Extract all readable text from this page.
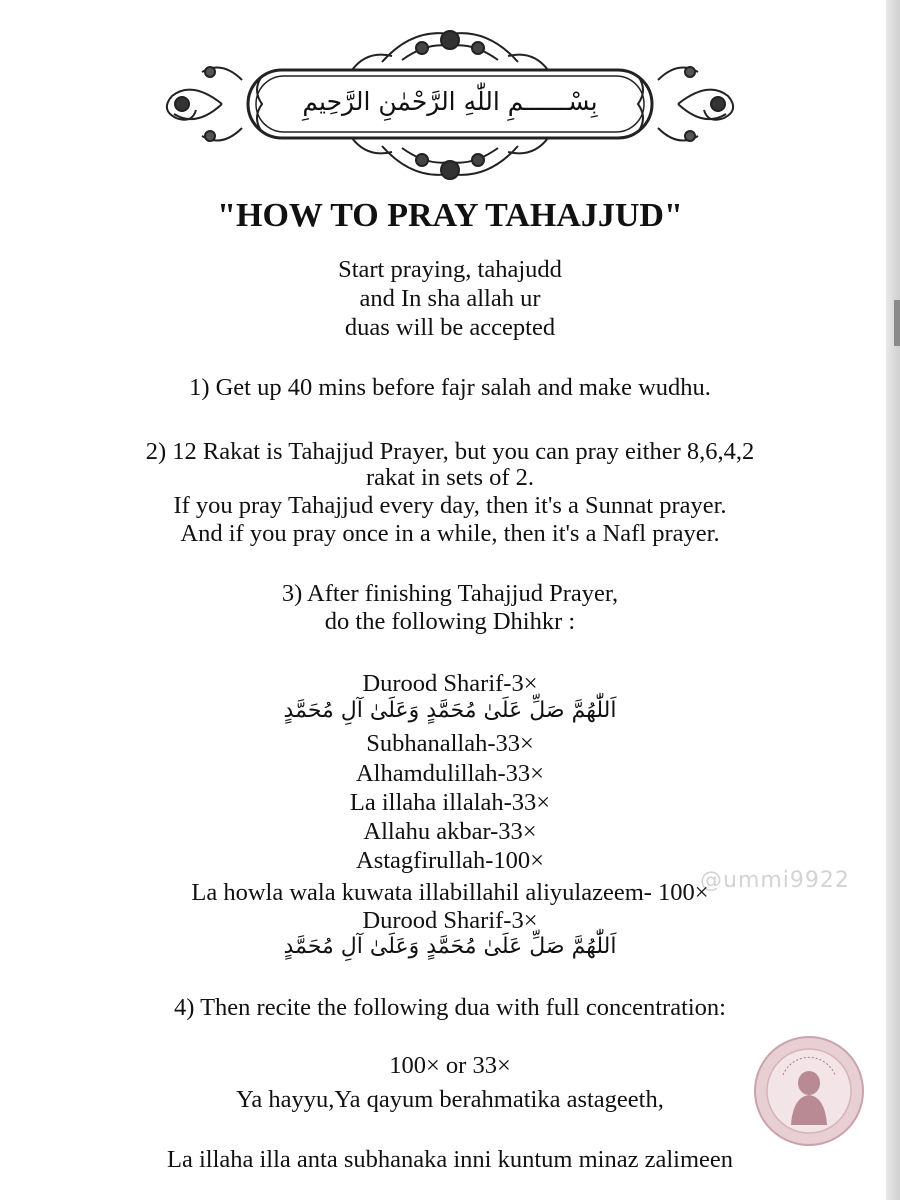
بِسْــــــمِ اللّٰهِ الرَّحْمٰنِ الرَّحِيمِ
"HOW TO PRAY TAHAJJUD"
Start praying, tahajudd
and In sha allah ur
duas will be accepted
1) Get up 40 mins before fajr salah and make wudhu.
2) 12 Rakat is Tahajjud Prayer, but you can pray either 8,6,4,2
rakat in sets of 2.
If you pray Tahajjud every day, then it's a Sunnat prayer.
And if you pray once in a while, then it's a Nafl prayer.
3) After finishing Tahajjud Prayer,
do the following Dhihkr :
Durood Sharif-3×
اَللّٰهُمَّ صَلِّ عَلَىٰ مُحَمَّدٍ وَعَلَىٰ آلِ مُحَمَّدٍ
Subhanallah-33×
Alhamdulillah-33×
La illaha illalah-33×
Allahu akbar-33×
Astagfirullah-100×
@ummi9922
La howla wala kuwata illabillahil aliyulazeem- 100×
Durood Sharif-3×
اَللّٰهُمَّ صَلِّ عَلَىٰ مُحَمَّدٍ وَعَلَىٰ آلِ مُحَمَّدٍ
4) Then recite the following dua with full concentration:
100× or 33×
Ya hayyu,Ya qayum berahmatika astageeth,
La illaha illa anta subhanaka inni kuntum minaz zalimeen
